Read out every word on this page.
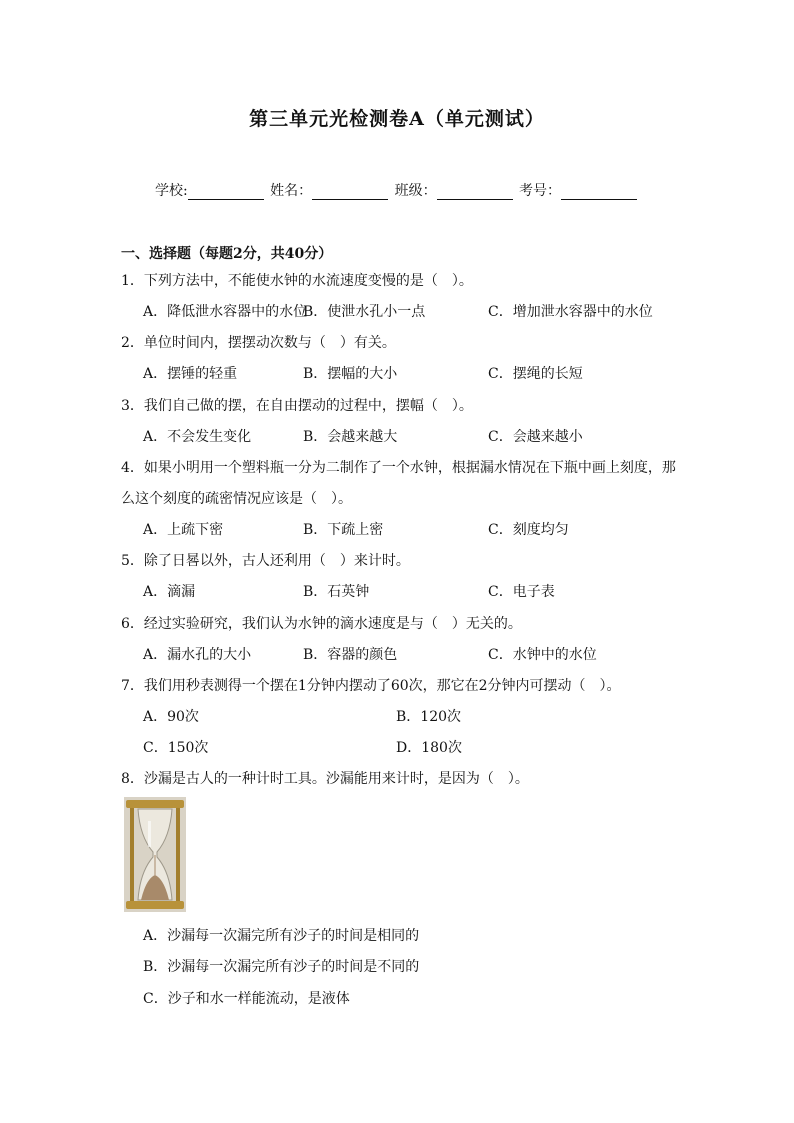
第三单元光检测卷A（单元测试）
学校:	姓名：	班级：	考号：
一、选择题（每题2分，共40分）
1．下列方法中，不能使水钟的水流速度变慢的是（　）。
A．降低泄水容器中的水位
B．使泄水孔小一点	C．增加泄水容器中的水位
2．单位时间内，摆摆动次数与（　）有关。
A．摆锤的轻重	B．摆幅的大小	C．摆绳的长短
3．我们自己做的摆，在自由摆动的过程中，摆幅（　）。
A．不会发生变化	B．会越来越大	C．会越来越小
4．如果小明用一个塑料瓶一分为二制作了一个水钟，根据漏水情况在下瓶中画上刻度，那
么这个刻度的疏密情况应该是（　）。
A．上疏下密	B．下疏上密	C．刻度均匀
5．除了日晷以外，古人还利用（　）来计时。
A．滴漏	B．石英钟	C．电子表
6．经过实验研究，我们认为水钟的滴水速度是与（　）无关的。
A．漏水孔的大小	B．容器的颜色	C．水钟中的水位
7．我们用秒表测得一个摆在1分钟内摆动了60次，那它在2分钟内可摆动（　）。
A．90次	B．120次
C．150次	D．180次
8．沙漏是古人的一种计时工具。沙漏能用来计时，是因为（　）。
A．沙漏每一次漏完所有沙子的时间是相同的
B．沙漏每一次漏完所有沙子的时间是不同的
C．沙子和水一样能流动，是液体
